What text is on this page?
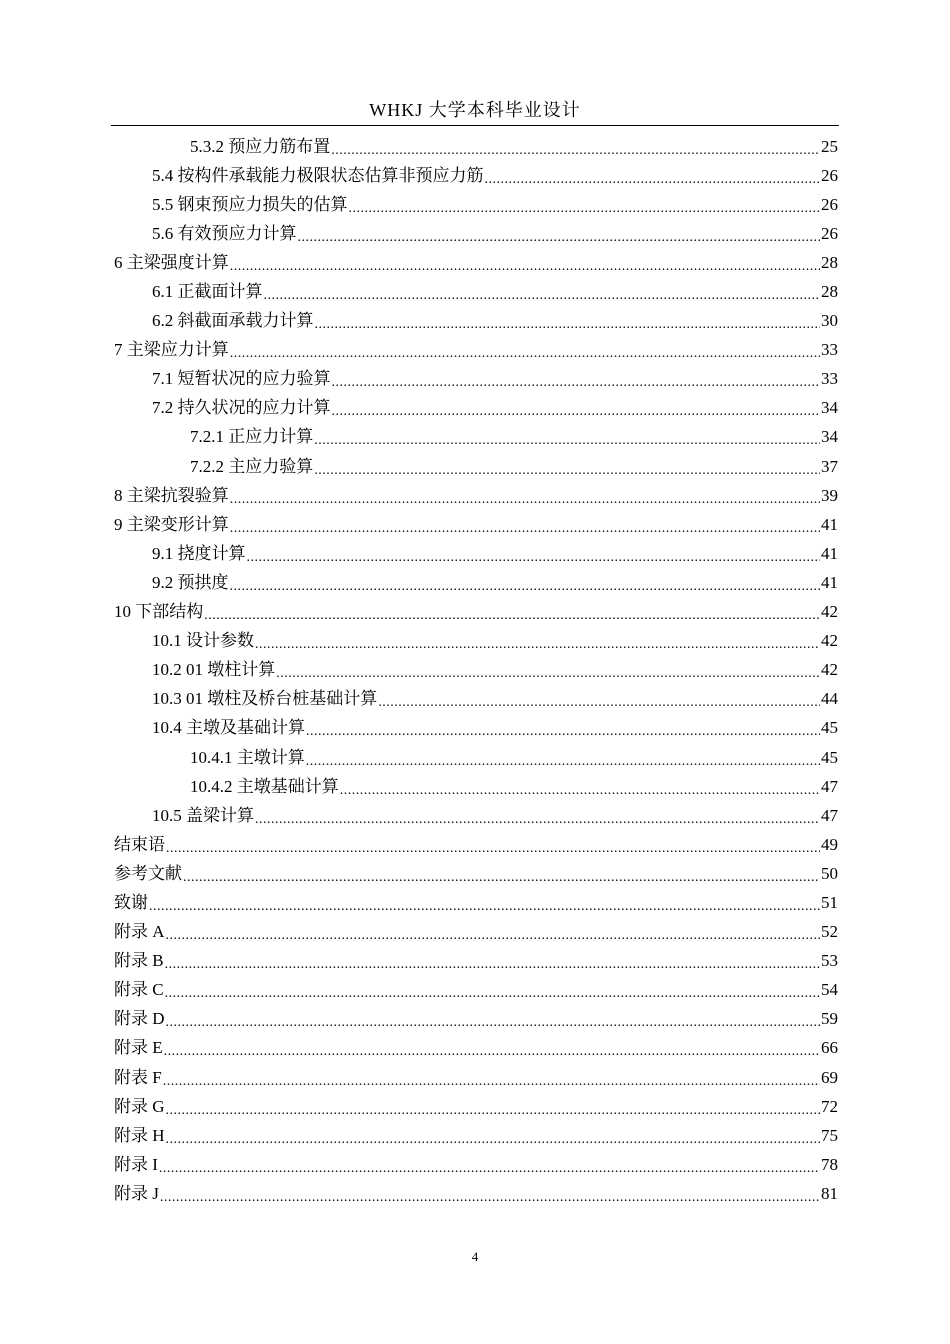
WHKJ 大学本科毕业设计
5.3.2 预应力筋布置 .....	25
5.4 按构件承载能力极限状态估算非预应力筋 .....	26
5.5 钢束预应力损失的估算 .....	26
5.6 有效预应力计算 .....	26
6 主梁强度计算 .....	28
6.1 正截面计算 .....	28
6.2 斜截面承载力计算 .....	30
7 主梁应力计算 .....	33
7.1 短暂状况的应力验算 .....	33
7.2 持久状况的应力计算 .....	34
7.2.1 正应力计算 .....	34
7.2.2 主应力验算 .....	37
8 主梁抗裂验算 .....	39
9 主梁变形计算 .....	41
9.1 挠度计算 .....	41
9.2 预拱度 .....	41
10 下部结构 .....	42
10.1 设计参数 .....	42
10.2 01 墩柱计算 .....	42
10.3 01 墩柱及桥台桩基础计算 .....	44
10.4 主墩及基础计算 .....	45
10.4.1 主墩计算 .....	45
10.4.2 主墩基础计算 .....	47
10.5 盖梁计算 .....	47
结束语 .....	49
参考文献 .....	50
致谢 .....	51
附录 A .....	52
附录 B .....	53
附录 C .....	54
附录 D .....	59
附录 E .....	66
附表 F .....	69
附录 G .....	72
附录 H .....	75
附录 I .....	78
附录 J .....	81
4
